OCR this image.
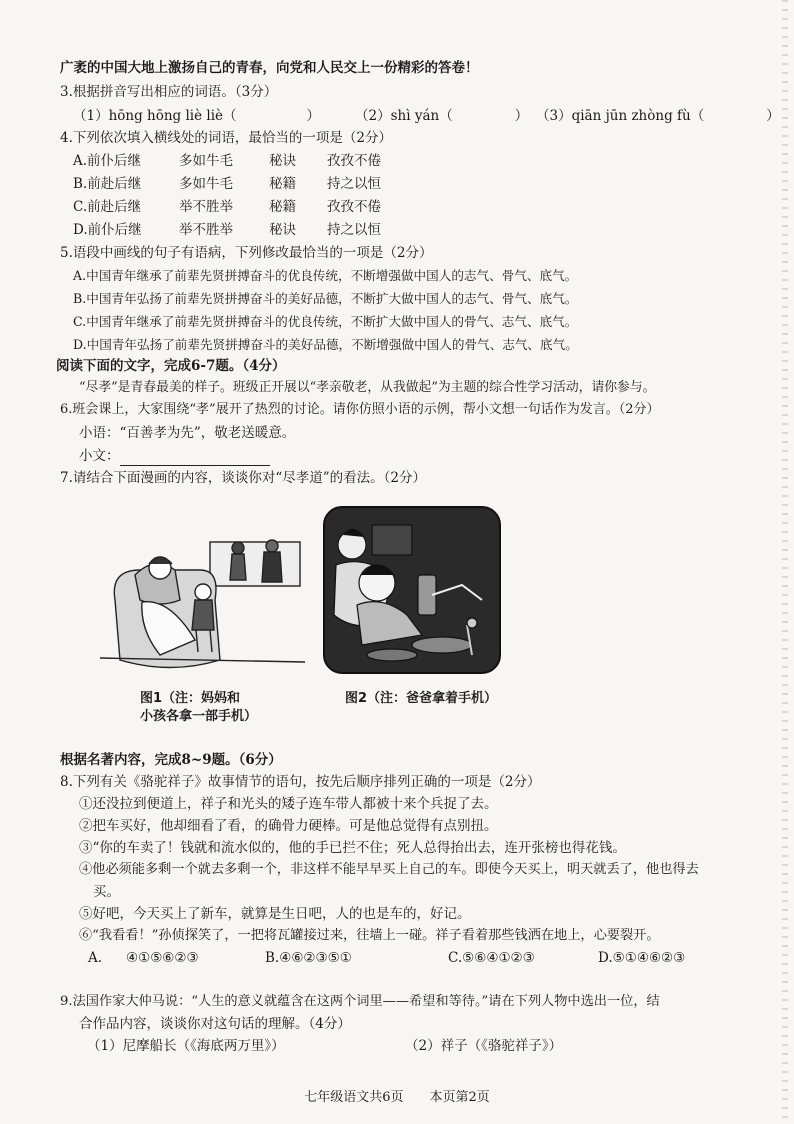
广袤的中国大地上激扬自己的青春，向党和人民交上一份精彩的答卷！
3.根据拼音写出相应的词语。（3分）
（1）hōng hōng liè liè（	）	（2）shì yán（	） （3）qiān jūn zhòng fù（	）
4.下列依次填入横线处的词语，最恰当的一项是（2分）
A.前仆后继	多如牛毛	秘诀 孜孜不倦
B.前赴后继	多如牛毛	秘籍 持之以恒
C.前赴后继	举不胜举	秘籍 孜孜不倦
D.前仆后继	举不胜举	秘诀 持之以恒
5.语段中画线的句子有语病，下列修改最恰当的一项是（2分）
A.中国青年继承了前辈先贤拼搏奋斗的优良传统，不断增强做中国人的志气、骨气、底气。
B.中国青年弘扬了前辈先贤拼搏奋斗的美好品德，不断扩大做中国人的志气、骨气、底气。
C.中国青年继承了前辈先贤拼搏奋斗的优良传统，不断扩大做中国人的骨气、志气、底气。
D.中国青年弘扬了前辈先贤拼搏奋斗的美好品德，不断增强做中国人的骨气、志气、底气。
阅读下面的文字，完成6-7题。（4分）
“尽孝”是青春最美的样子。班级正开展以“孝亲敬老，从我做起”为主题的综合性学习活动，请你参与。
6.班会课上，大家围绕“孝”展开了热烈的讨论。请你仿照小语的示例，帮小文想一句话作为发言。（2分）
小语：“百善孝为先”，敬老送暖意。
小文：
7.请结合下面漫画的内容，谈谈你对“尽孝道”的看法。（2分）
图1（注：妈妈和
小孩各拿一部手机）
图2（注：爸爸拿着手机）
根据名著内容，完成8~9题。（6分）
8.下列有关《骆驼祥子》故事情节的语句，按先后顺序排列正确的一项是（2分）
①还没拉到便道上，祥子和光头的矮子连车带人都被十来个兵捉了去。
②把车买好，他却细看了看，的确骨力硬棒。可是他总觉得有点别扭。
③“你的车卖了！钱就和流水似的，他的手已拦不住；死人总得抬出去，连开张榜也得花钱。
④他必须能多剩一个就去多剩一个，非这样不能早早买上自己的车。即使今天买上，明天就丢了，他也得去
买。
⑤好吧，今天买上了新车，就算是生日吧，人的也是车的，好记。
⑥“我看看！”孙侦探笑了，一把将瓦罐接过来，往墙上一碰。祥子看着那些钱洒在地上，心要裂开。
A. ④①⑤⑥②③	B.④⑥②③⑤①	C.⑤⑥④①②③	D.⑤①④⑥②③
9.法国作家大仲马说：“人生的意义就蕴含在这两个词里——希望和等待。”请在下列人物中选出一位，结
合作品内容，谈谈你对这句话的理解。（4分）
（1）尼摩船长（《海底两万里》）	（2）祥子（《骆驼祥子》）
七年级语文共6页　　本页第2页
